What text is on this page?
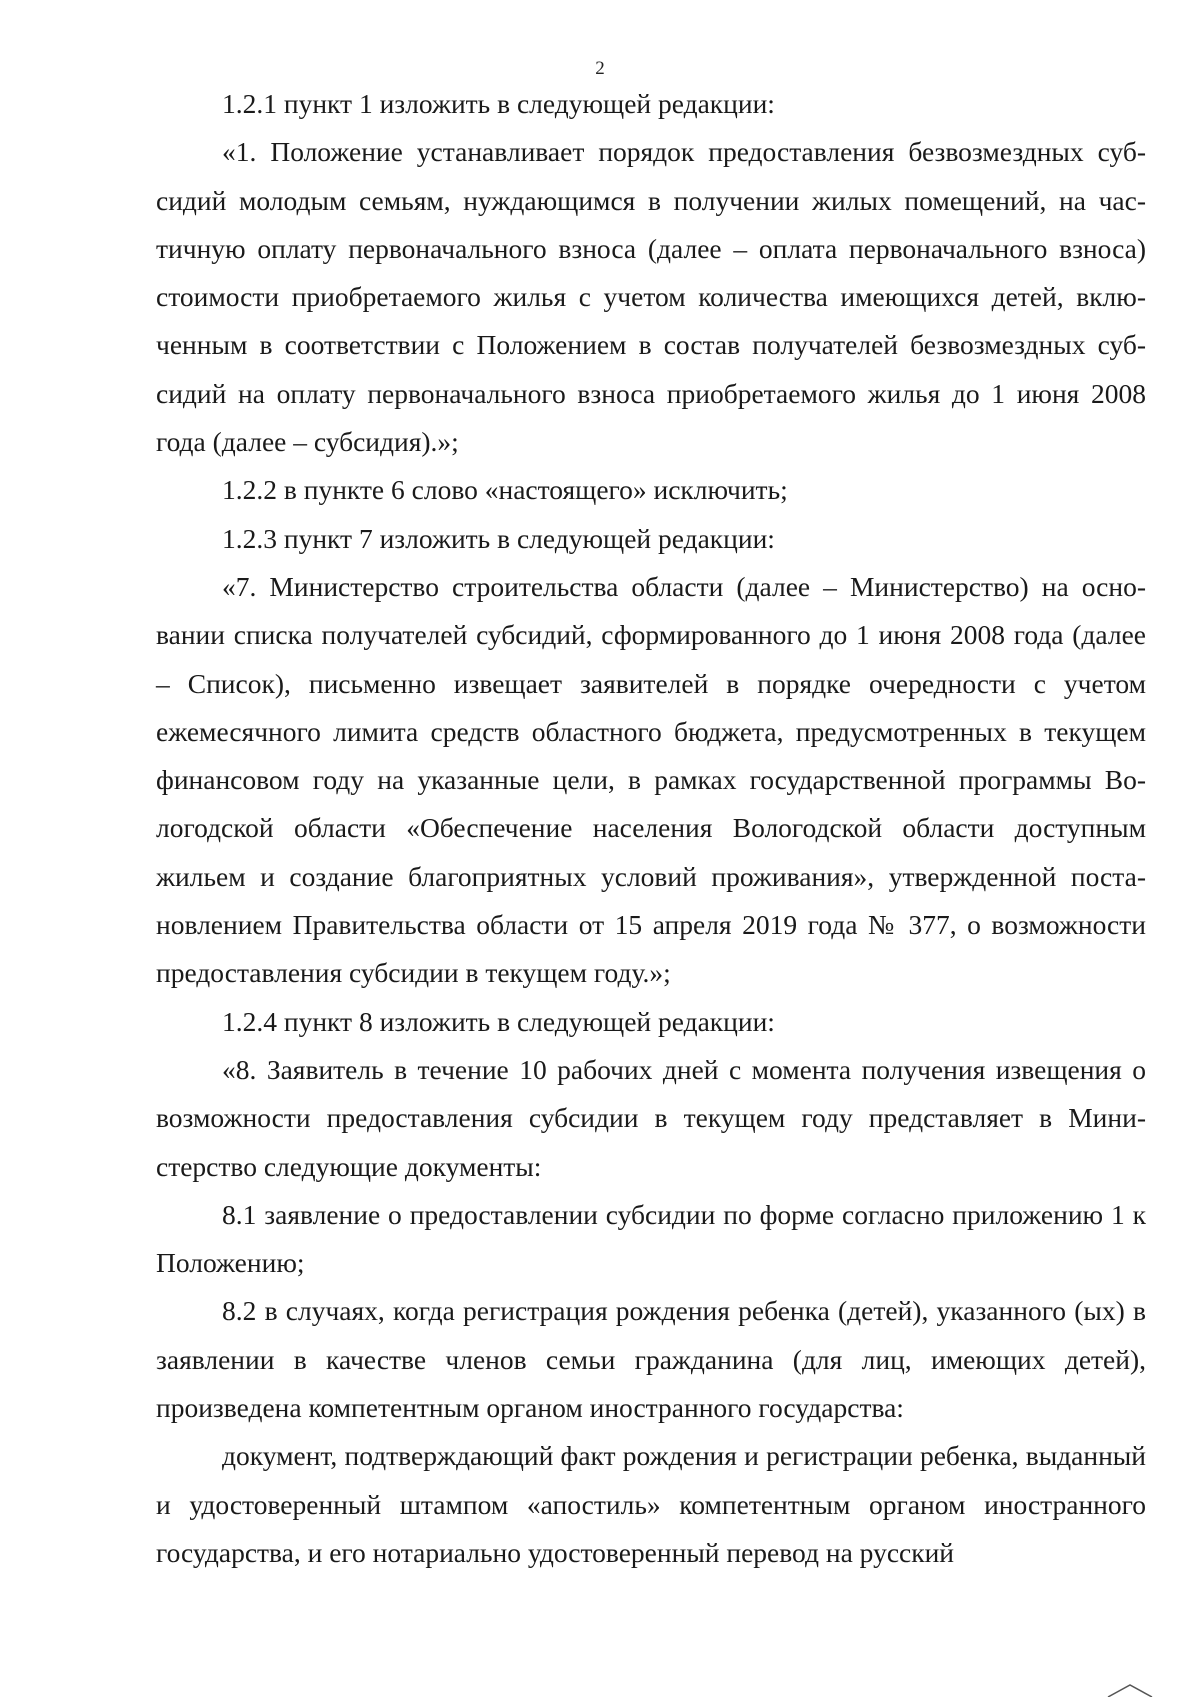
2

1.2.1 пункт 1 изложить в следующей редакции:

«1. Положение устанавливает порядок предоставления безвозмездных субсидий молодым семьям, нуждающимся в получении жилых помещений, на частичную оплату первоначального взноса (далее – оплата первоначального взноса) стоимости приобретаемого жилья с учетом количества имеющихся детей, включенным в соответствии с Положением в состав получателей безвозмездных субсидий на оплату первоначального взноса приобретаемого жилья до 1 июня 2008 года (далее – субсидия).»;

1.2.2 в пункте 6 слово «настоящего» исключить;

1.2.3 пункт 7 изложить в следующей редакции:

«7. Министерство строительства области (далее – Министерство) на основании списка получателей субсидий, сформированного до 1 июня 2008 года (далее – Список), письменно извещает заявителей в порядке очередности с учетом ежемесячного лимита средств областного бюджета, предусмотренных в текущем финансовом году на указанные цели, в рамках государственной программы Вологодской области «Обеспечение населения Вологодской области доступным жильем и создание благоприятных условий проживания», утвержденной постановлением Правительства области от 15 апреля 2019 года № 377, о возможности предоставления субсидии в текущем году.»;

1.2.4 пункт 8 изложить в следующей редакции:

«8. Заявитель в течение 10 рабочих дней с момента получения извещения о возможности предоставления субсидии в текущем году представляет в Министерство следующие документы:

8.1 заявление о предоставлении субсидии по форме согласно приложению 1 к Положению;

8.2 в случаях, когда регистрация рождения ребенка (детей), указанного (ых) в заявлении в качестве членов семьи гражданина (для лиц, имеющих детей), произведена компетентным органом иностранного государства:

документ, подтверждающий факт рождения и регистрации ребенка, выданный и удостоверенный штампом «апостиль» компетентным органом иностранного государства, и его нотариально удостоверенный перевод на русский
